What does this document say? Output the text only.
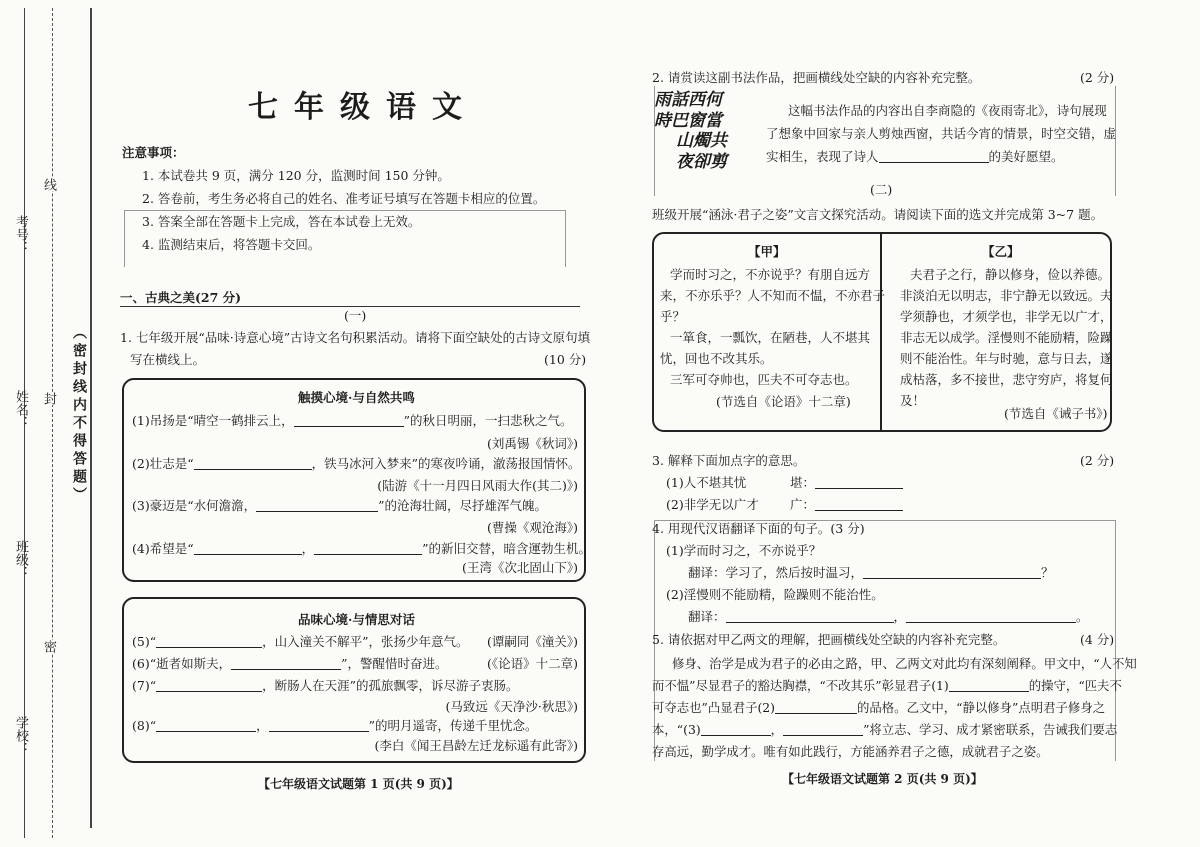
考号：
线
姓名： 封 （密封线内不得答题）
班级：
密
学校：
七年级语文
注意事项：
1. 本试卷共 9 页，满分 120 分，监测时间 150 分钟。
2. 答卷前，考生务必将自己的姓名、准考证号填写在答题卡相应的位置。
3. 答案全部在答题卡上完成，答在本试卷上无效。
4. 监测结束后，将答题卡交回。
一、古典之美(27 分)
(一)
1. 七年级开展“品味·诗意心境”古诗文名句积累活动。请将下面空缺处的古诗文原句填
写在横线上。	(10 分)
触摸心境·与自然共鸣
(1)吊扬是“晴空一鹤排云上，	”的秋日明丽，一扫悲秋之气。
(刘禹锡《秋词》)
(2)壮志是“	，铁马冰河入梦来”的寒夜吟诵，澈荡报国情怀。
(陆游《十一月四日风雨大作(其二)》)
(3)豪迈是“水何澹澹，	”的沧海壮阔，尽抒雄浑气魄。
(曹操《观沧海》)
(4)希望是“	，	”的新旧交替，暗含運勃生机。
(王湾《次北固山下》)
品味心境·与情思对话
(5)“	，山入潼关不解平”，张扬少年意气。 (谭嗣同《潼关》)
(6)“逝者如斯夫，	”，警醒惜时奋进。	(《论语》十二章)
(7)“	，断肠人在天涯”的孤旅飘零，诉尽游子衷肠。
(马致远《天净沙·秋思》)
(8)“	，	”的明月遥寄，传递千里忧念。
(李白《闻王昌龄左迁龙标遥有此寄》)
【七年级语文试题第 1 页(共 9 页)】
2. 请赏读这副书法作品，把画横线处空缺的内容补充完整。	(2 分)
雨話西何
時巴窗當
山燭共
夜卻剪
这幅书法作品的内容出自李商隐的《夜雨寄北》，诗句展现
了想象中回家与亲人剪烛西窗，共话今宵的情景，时空交错，虚
实相生，表现了诗人	的美好愿望。
(二)
班级开展“涵泳·君子之姿”文言文探究活动。请阅读下面的选文并完成第 3~7 题。
【甲】
学而时习之，不亦说乎？有朋自远方
来，不亦乐乎？人不知而不愠，不亦君子
乎？
一箪食，一瓢饮，在陋巷，人不堪其
忧，回也不改其乐。
三军可夺帅也，匹夫不可夺志也。
(节选自《论语》十二章)
【乙】
夫君子之行，静以修身，俭以养德。
非淡泊无以明志，非宁静无以致远。夫
学须静也，才须学也，非学无以广才，
非志无以成学。淫慢则不能励精，险躁
则不能治性。年与时驰，意与日去，遂
成枯落，多不接世，悲守穷庐，将复何
及！
(节选自《诫子书》)
3. 解释下面加点字的意思。	(2 分)
(1)人不堪其忧	堪：
(2)非学无以广才	广：
4. 用现代汉语翻译下面的句子。(3 分)
(1)学而时习之，不亦说乎？
翻译：学习了，然后按时温习，	？
(2)淫慢则不能励精，险躁则不能治性。
翻译：	，	。
5. 请依据对甲乙两文的理解，把画横线处空缺的内容补充完整。	(4 分)
修身、治学是成为君子的必由之路，甲、乙两文对此均有深刻阐释。甲文中，“人不知
而不愠”尽显君子的豁达胸襟，“不改其乐”彰显君子(1)	的操守，“匹夫不
可夺志也”凸显君子(2)	的品格。乙文中，“静以修身”点明君子修身之
本，“(3)	，	”将立志、学习、成才紧密联系，告诫我们要志
存高远，勤学成才。唯有如此践行，方能涵养君子之德，成就君子之姿。
【七年级语文试题第 2 页(共 9 页)】
